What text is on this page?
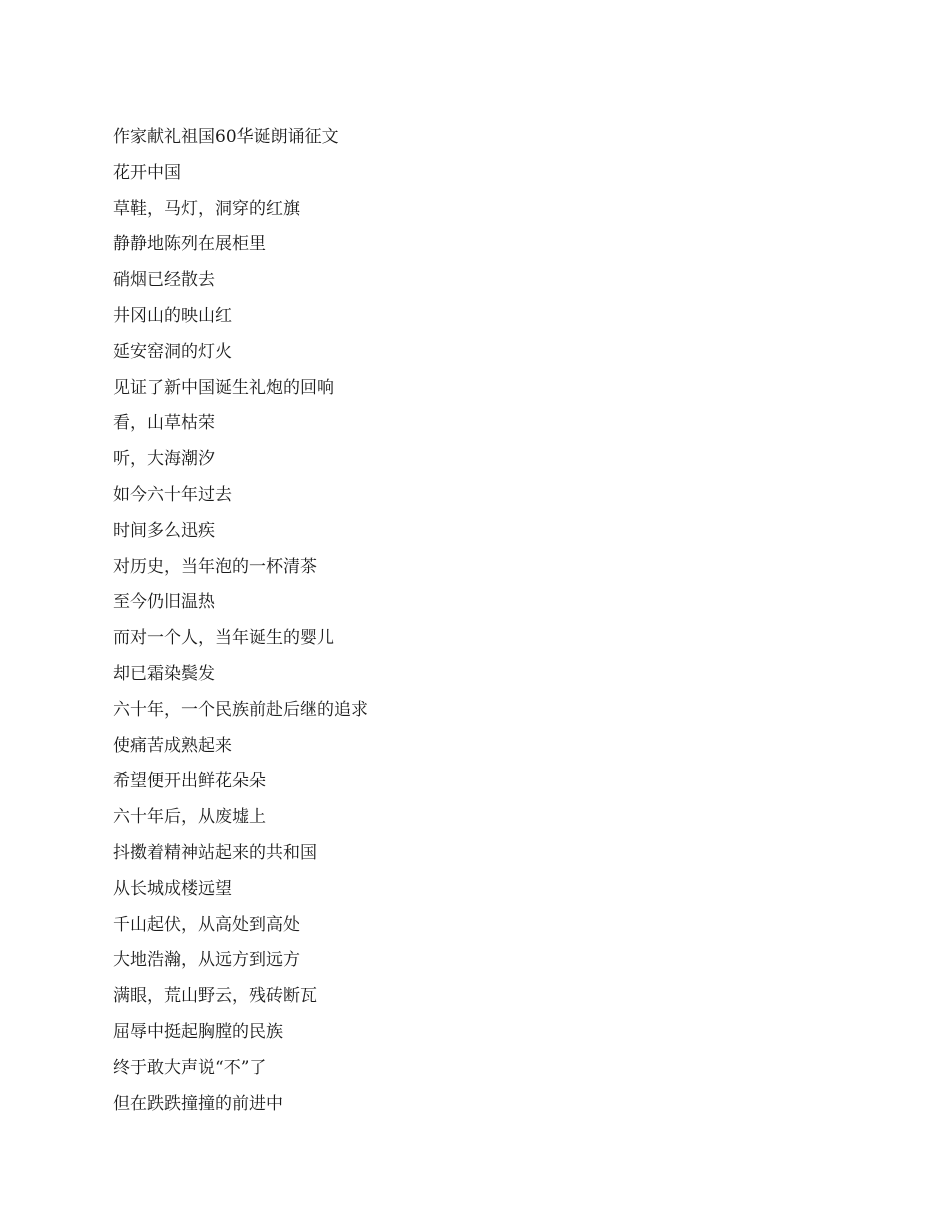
作家献礼祖国60华诞朗诵征文
花开中国
草鞋，马灯，洞穿的红旗
静静地陈列在展柜里
硝烟已经散去
井冈山的映山红
延安窑洞的灯火
见证了新中国诞生礼炮的回响
看，山草枯荣
听，大海潮汐
如今六十年过去
时间多么迅疾
对历史，当年泡的一杯清茶
至今仍旧温热
而对一个人，当年诞生的婴儿
却已霜染鬓发
六十年，一个民族前赴后继的追求
使痛苦成熟起来
希望便开出鲜花朵朵
六十年后，从废墟上
抖擞着精神站起来的共和国
从长城成楼远望
千山起伏，从高处到高处
大地浩瀚，从远方到远方
满眼，荒山野云，残砖断瓦
屈辱中挺起胸膛的民族
终于敢大声说“不”了
但在跌跌撞撞的前进中
